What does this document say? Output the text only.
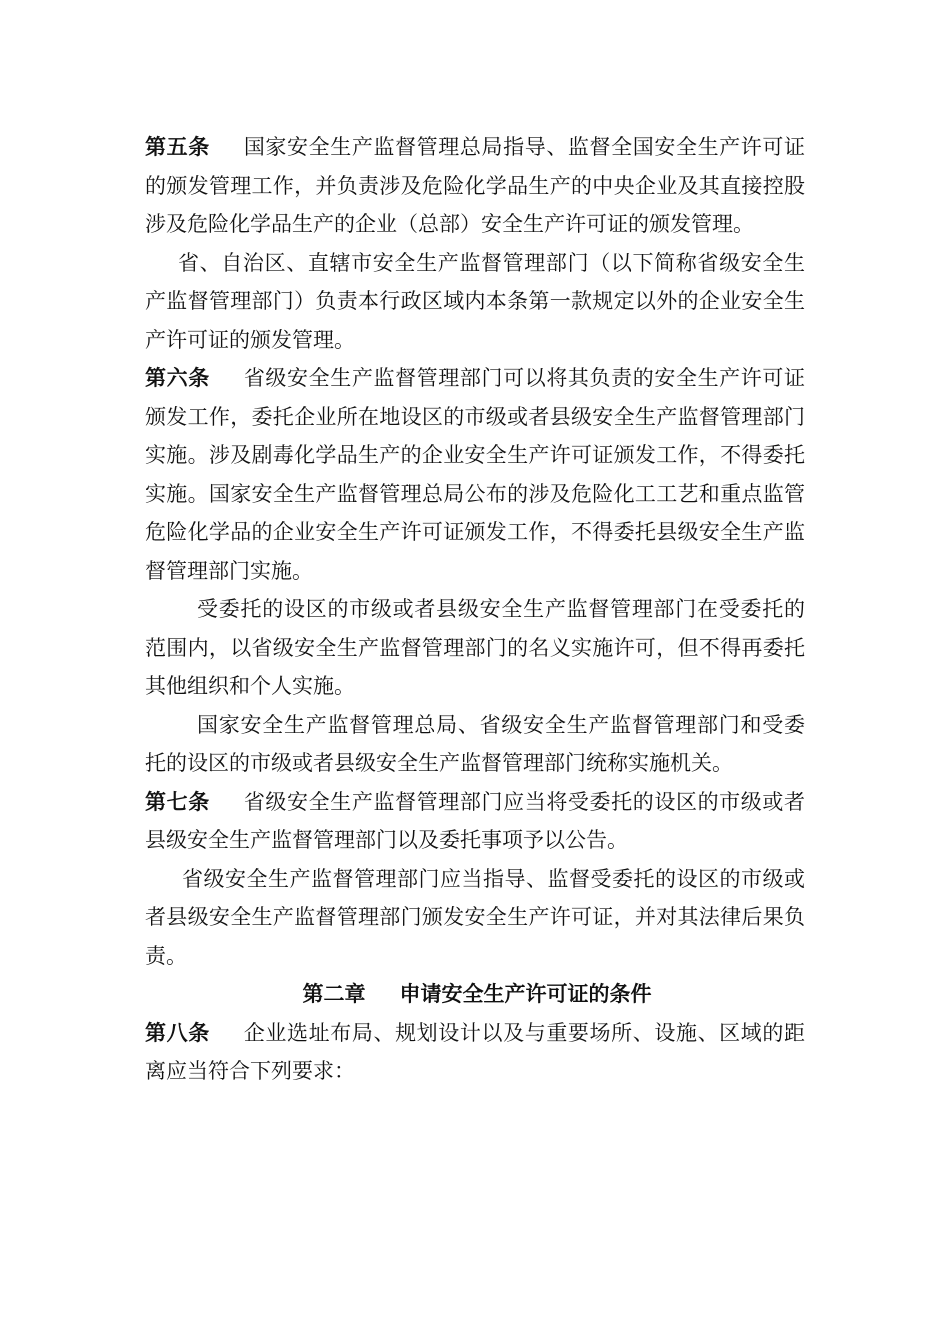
第五条 国家安全生产监督管理总局指导、监督全国安全生产许可证的颁发管理工作，并负责涉及危险化学品生产的中央企业及其直接控股涉及危险化学品生产的企业（总部）安全生产许可证的颁发管理。

省、自治区、直辖市安全生产监督管理部门（以下简称省级安全生产监督管理部门）负责本行政区域内本条第一款规定以外的企业安全生产许可证的颁发管理。

第六条 省级安全生产监督管理部门可以将其负责的安全生产许可证颁发工作，委托企业所在地设区的市级或者县级安全生产监督管理部门实施。涉及剧毒化学品生产的企业安全生产许可证颁发工作，不得委托实施。国家安全生产监督管理总局公布的涉及危险化工工艺和重点监管危险化学品的企业安全生产许可证颁发工作，不得委托县级安全生产监督管理部门实施。

受委托的设区的市级或者县级安全生产监督管理部门在受委托的范围内，以省级安全生产监督管理部门的名义实施许可，但不得再委托其他组织和个人实施。

国家安全生产监督管理总局、省级安全生产监督管理部门和受委托的设区的市级或者县级安全生产监督管理部门统称实施机关。

第七条 省级安全生产监督管理部门应当将受委托的设区的市级或者县级安全生产监督管理部门以及委托事项予以公告。

省级安全生产监督管理部门应当指导、监督受委托的设区的市级或者县级安全生产监督管理部门颁发安全生产许可证，并对其法律后果负责。

第二章 申请安全生产许可证的条件

第八条 企业选址布局、规划设计以及与重要场所、设施、区域的距离应当符合下列要求：
